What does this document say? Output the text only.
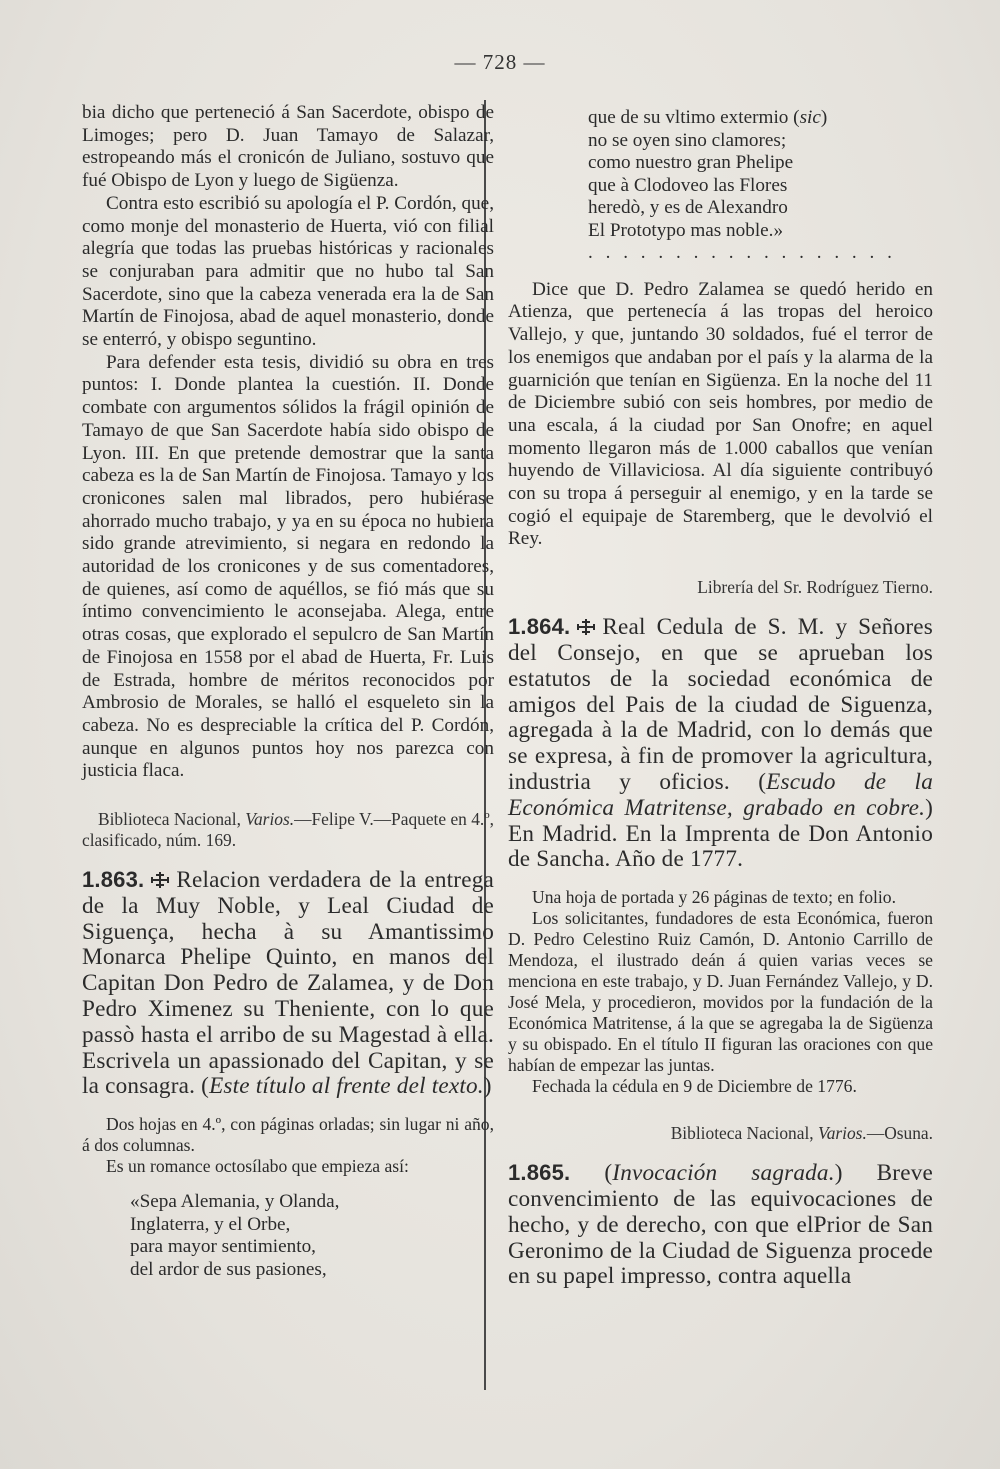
— 728 —

bia dicho que perteneció á San Sacerdote, obispo de Limoges; pero D. Juan Tamayo de Salazar, estropeando más el cronicón de Juliano, sostuvo que fué Obispo de Lyon y luego de Sigüenza.

Contra esto escribió su apología el P. Cordón, que, como monje del monasterio de Huerta, vió con filial alegría que todas las pruebas históricas y racionales se conjuraban para admitir que no hubo tal San Sacerdote, sino que la cabeza venerada era la de San Martín de Finojosa, abad de aquel monasterio, donde se enterró, y obispo seguntino.

Para defender esta tesis, dividió su obra en tres puntos: I. Donde plantea la cuestión. II. Donde combate con argumentos sólidos la frágil opinión de Tamayo de que San Sacerdote había sido obispo de Lyon. III. En que pretende demostrar que la santa cabeza es la de San Martín de Finojosa. Tamayo y los cronicones salen mal librados, pero hubiérase ahorrado mucho trabajo, y ya en su época no hubiera sido grande atrevimiento, si negara en redondo la autoridad de los cronicones y de sus comentadores, de quienes, así como de aquéllos, se fió más que su íntimo convencimiento le aconsejaba. Alega, entre otras cosas, que explorado el sepulcro de San Martín de Finojosa en 1558 por el abad de Huerta, Fr. Luis de Estrada, hombre de méritos reconocidos por Ambrosio de Morales, se halló el esqueleto sin la cabeza. No es despreciable la crítica del P. Cordón, aunque en algunos puntos hoy nos parezca con justicia flaca.

Biblioteca Nacional, Varios.—Felipe V.—Paquete en 4.º, clasificado, núm. 169.

1.863. Relacion verdadera de la entrega de la Muy Noble, y Leal Ciudad de Siguença, hecha à su Amantissimo Monarca Phelipe Quinto, en manos del Capitan Don Pedro de Zalamea, y de Don Pedro Ximenez su Theniente, con lo que passò hasta el arribo de su Magestad à ella. Escrivela un apassionado del Capitan, y se la consagra. (Este título al frente del texto.)

Dos hojas en 4.º, con páginas orladas; sin lugar ni año, á dos columnas.

Es un romance octosílabo que empieza así:

«Sepa Alemania, y Olanda,
Inglaterra, y el Orbe,
para mayor sentimiento,
del ardor de sus pasiones,
que de su vltimo extermio (sic)
no se oyen sino clamores;
como nuestro gran Phelipe
que à Clodoveo las Flores
heredò, y es de Alexandro
El Prototypo mas noble.»
. . . . . . . . . . . . . . . . . .

Dice que D. Pedro Zalamea se quedó herido en Atienza, que pertenecía á las tropas del heroico Vallejo, y que, juntando 30 soldados, fué el terror de los enemigos que andaban por el país y la alarma de la guarnición que tenían en Sigüenza. En la noche del 11 de Diciembre subió con seis hombres, por medio de una escala, á la ciudad por San Onofre; en aquel momento llegaron más de 1.000 caballos que venían huyendo de Villaviciosa. Al día siguiente contribuyó con su tropa á perseguir al enemigo, y en la tarde se cogió el equipaje de Staremberg, que le devolvió el Rey.

Librería del Sr. Rodríguez Tierno.

1.864. Real Cedula de S. M. y Señores del Consejo, en que se aprueban los estatutos de la sociedad económica de amigos del Pais de la ciudad de Siguenza, agregada à la de Madrid, con lo demás que se expresa, à fin de promover la agricultura, industria y oficios. (Escudo de la Económica Matritense, grabado en cobre.) En Madrid. En la Imprenta de Don Antonio de Sancha. Año de 1777.

Una hoja de portada y 26 páginas de texto; en folio.

Los solicitantes, fundadores de esta Económica, fueron D. Pedro Celestino Ruiz Camón, D. Antonio Carrillo de Mendoza, el ilustrado deán á quien varias veces se menciona en este trabajo, y D. Juan Fernández Vallejo, y D. José Mela, y procedieron, movidos por la fundación de la Económica Matritense, á la que se agregaba la de Sigüenza y su obispado. En el título II figuran las oraciones con que habían de empezar las juntas.

Fechada la cédula en 9 de Diciembre de 1776.

Biblioteca Nacional, Varios.—Osuna.

1.865. (Invocación sagrada.) Breve convencimiento de las equivocaciones de hecho, y de derecho, con que elPrior de San Geronimo de la Ciudad de Siguenza procede en su papel impresso, contra aquella
